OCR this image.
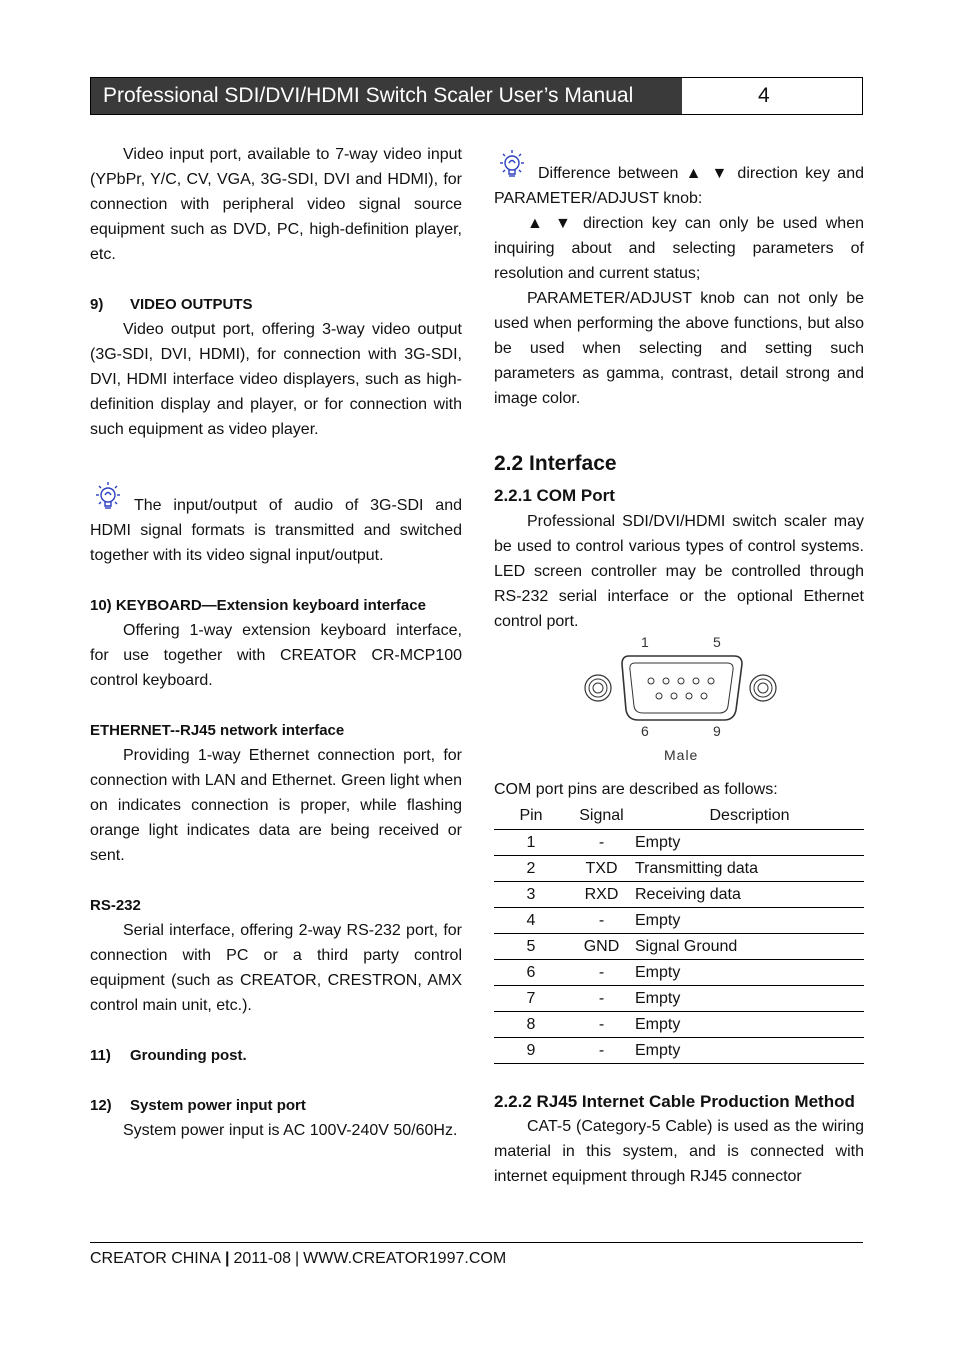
Professional SDI/DVI/HDMI Switch Scaler User’s Manual	4

Video input port, available to 7-way video input (YPbPr, Y/C, CV, VGA, 3G-SDI, DVI and HDMI), for connection with peripheral video signal source equipment such as DVD, PC, high-definition player, etc.

9) VIDEO OUTPUTS

Video output port, offering 3-way video output (3G-SDI, DVI, HDMI), for connection with 3G-SDI, DVI, HDMI interface video displayers, such as high-definition display and player, or for connection with such equipment as video player.

The input/output of audio of 3G-SDI and HDMI signal formats is transmitted and switched together with its video signal input/output.

10) KEYBOARD—Extension keyboard interface

Offering 1-way extension keyboard interface, for use together with CREATOR CR-MCP100 control keyboard.

ETHERNET--RJ45 network interface

Providing 1-way Ethernet connection port, for connection with LAN and Ethernet. Green light when on indicates connection is proper, while flashing orange light indicates data are being received or sent.

RS-232

Serial interface, offering 2-way RS-232 port, for connection with PC or a third party control equipment (such as CREATOR, CRESTRON, AMX control main unit, etc.).

11) Grounding post.

12) System power input port

System power input is AC 100V-240V 50/60Hz.

Difference between ▲ ▼ direction key and PARAMETER/ADJUST knob:

▲ ▼ direction key can only be used when inquiring about and selecting parameters of resolution and current status;

PARAMETER/ADJUST knob can not only be used when performing the above functions, but also be used when selecting and setting such parameters as gamma, contrast, detail strong and image color.

2.2 Interface

2.2.1 COM Port

Professional SDI/DVI/HDMI switch scaler may be used to control various types of control systems. LED screen controller may be controlled through RS-232 serial interface or the optional Ethernet control port.

1	5
6	9
Male

COM port pins are described as follows:

Pin	Signal	Description
1	-	Empty
2	TXD	Transmitting data
3	RXD	Receiving data
4	-	Empty
5	GND	Signal Ground
6	-	Empty
7	-	Empty
8	-	Empty
9	-	Empty

2.2.2 RJ45 Internet Cable Production Method

CAT-5 (Category-5 Cable) is used as the wiring material in this system, and is connected with internet equipment through RJ45 connector

CREATOR CHINA | 2011-08 | WWW.CREATOR1997.COM
